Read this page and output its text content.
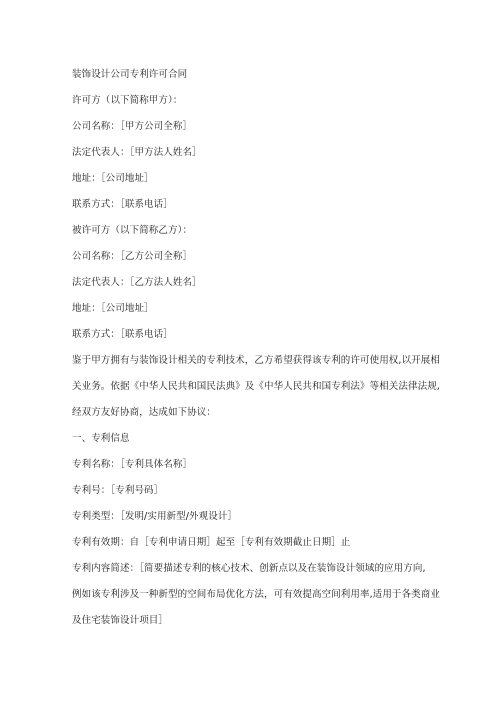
装饰设计公司专利许可合同
许可方（以下简称甲方）：
公司名称：［甲方公司全称］
法定代表人：［甲方法人姓名］
地址：［公司地址］
联系方式：［联系电话］
被许可方（以下简称乙方）：
公司名称：［乙方公司全称］
法定代表人：［乙方法人姓名］
地址：［公司地址］
联系方式：［联系电话］
鉴于甲方拥有与装饰设计相关的专利技术，乙方希望获得该专利的许可使用权,以开展相
关业务。依据《中华人民共和国民法典》及《中华人民共和国专利法》等相关法律法规,
经双方友好协商，达成如下协议：
一、专利信息
专利名称：［专利具体名称］
专利号：［专利号码］
专利类型：［发明/实用新型/外观设计］
专利有效期：自［专利申请日期］起至［专利有效期截止日期］止
专利内容简述：［简要描述专利的核心技术、创新点以及在装饰设计领域的应用方向,
例如该专利涉及一种新型的空间布局优化方法，可有效提高空间利用率,适用于各类商业
及住宅装饰设计项目］
